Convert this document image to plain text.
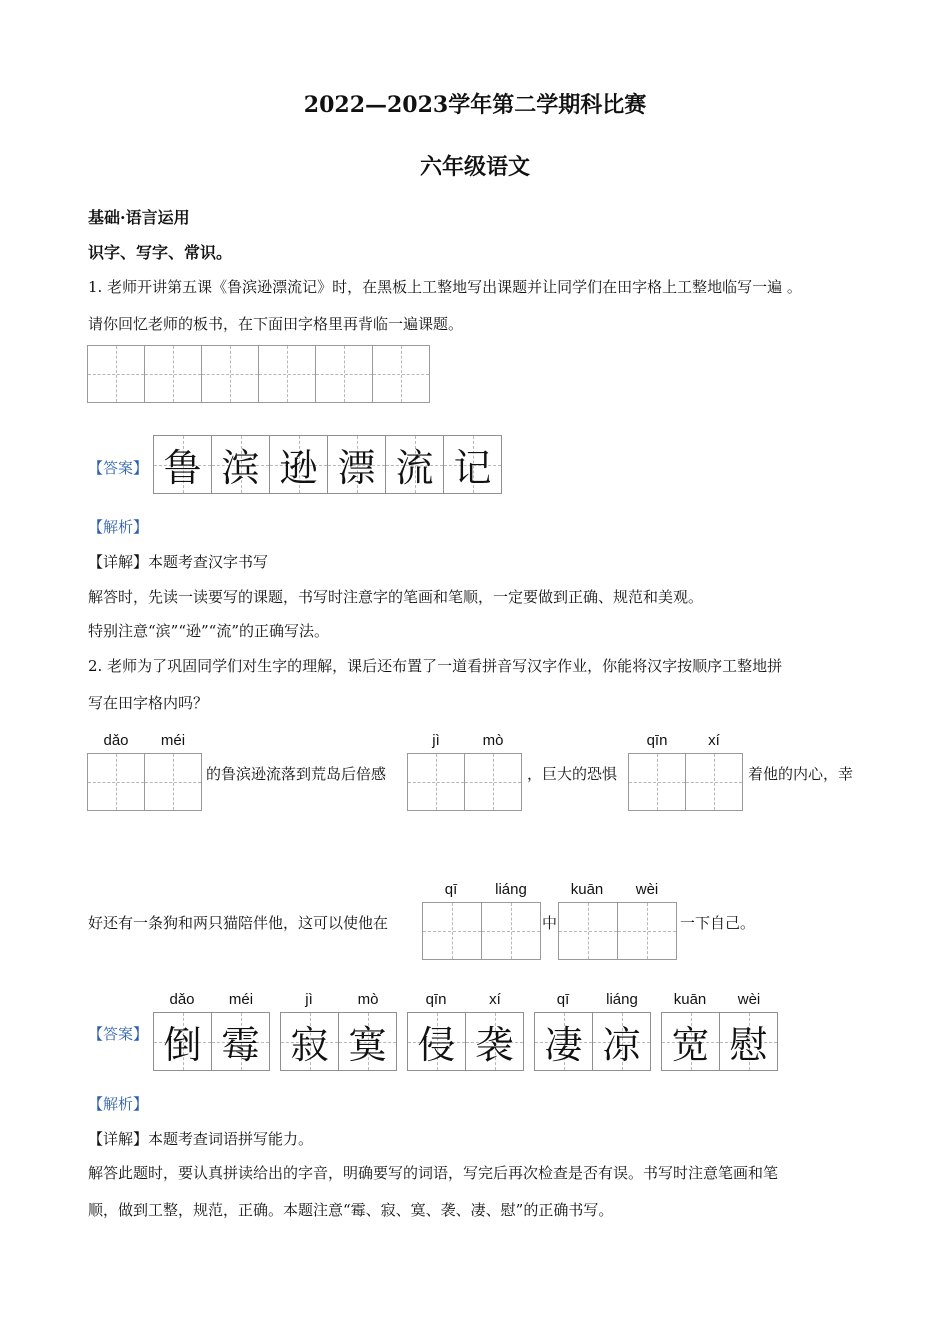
2022—2023学年第二学期科比赛
六年级语文
基础·语言运用
识字、写字、常识。
1. 老师开讲第五课《鲁滨逊漂流记》时，在黑板上工整地写出课题并让同学们在田字格上工整地临写一遍 。
请你回忆老师的板书，在下面田字格里再背临一遍课题。
【答案】 鲁 滨 逊 漂 流 记
【解析】
【详解】本题考查汉字书写
解答时，先读一读要写的课题，书写时注意字的笔画和笔顺，一定要做到正确、规范和美观。
特别注意“滨”“逊”“流”的正确写法。
2. 老师为了巩固同学们对生字的理解，课后还布置了一道看拼音写汉字作业，你能将汉字按顺序工整地拼
写在田字格内吗？
dǎo	méi
的鲁滨逊流落到荒岛后倍感
jì	mò
，巨大的恐惧
qīn	xí
着他的内心，幸
好还有一条狗和两只猫陪伴他，这可以使他在
qī	liáng
中
kuān	wèi
一下自己。
【答案】
dǎo	méi	jì	mò	qīn	xí	qī	liáng	kuān	wèi
倒 霉 寂 寞 侵 袭 凄 凉 宽 慰
【解析】
【详解】本题考查词语拼写能力。
解答此题时，要认真拼读给出的字音，明确要写的词语，写完后再次检查是否有误。书写时注意笔画和笔
顺，做到工整，规范，正确。本题注意“霉、寂、寞、袭、凄、慰”的正确书写。
